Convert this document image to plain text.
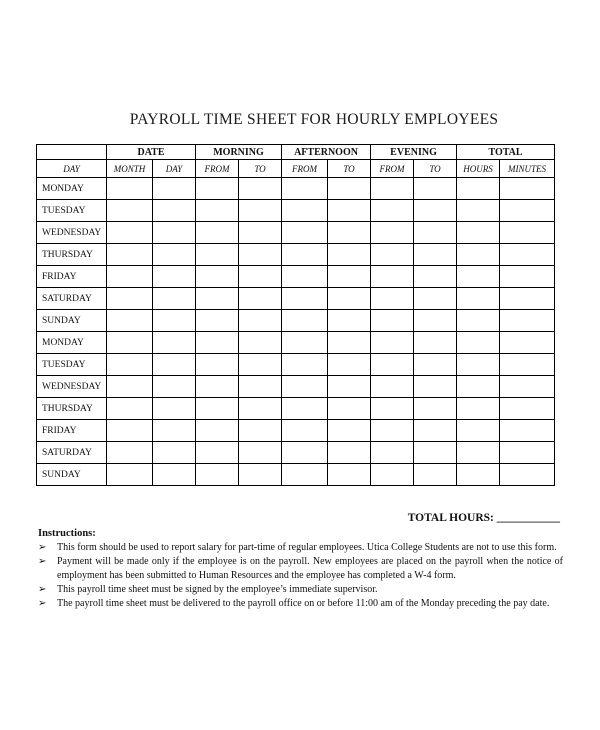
PAYROLL TIME SHEET FOR HOURLY EMPLOYEES
	DATE		MORNING		AFTERNOON		EVENING		TOTAL	
DAY	MONTH	DAY	FROM	TO	FROM	TO	FROM	TO	HOURS	MINUTES
MONDAY										
TUESDAY										
WEDNESDAY										
THURSDAY										
FRIDAY										
SATURDAY										
SUNDAY										
MONDAY										
TUESDAY										
WEDNESDAY										
THURSDAY										
FRIDAY										
SATURDAY										
SUNDAY										
TOTAL HOURS: ___________
Instructions:
➢ This form should be used to report salary for part-time of regular employees. Utica College Students are not to use this form.
➢ Payment will be made only if the employee is on the payroll. New employees are placed on the payroll when the notice of employment has been submitted to Human Resources and the employee has completed a W-4 form.
➢ This payroll time sheet must be signed by the employee’s immediate supervisor.
➢ The payroll time sheet must be delivered to the payroll office on or before 11:00 am of the Monday preceding the pay date.
